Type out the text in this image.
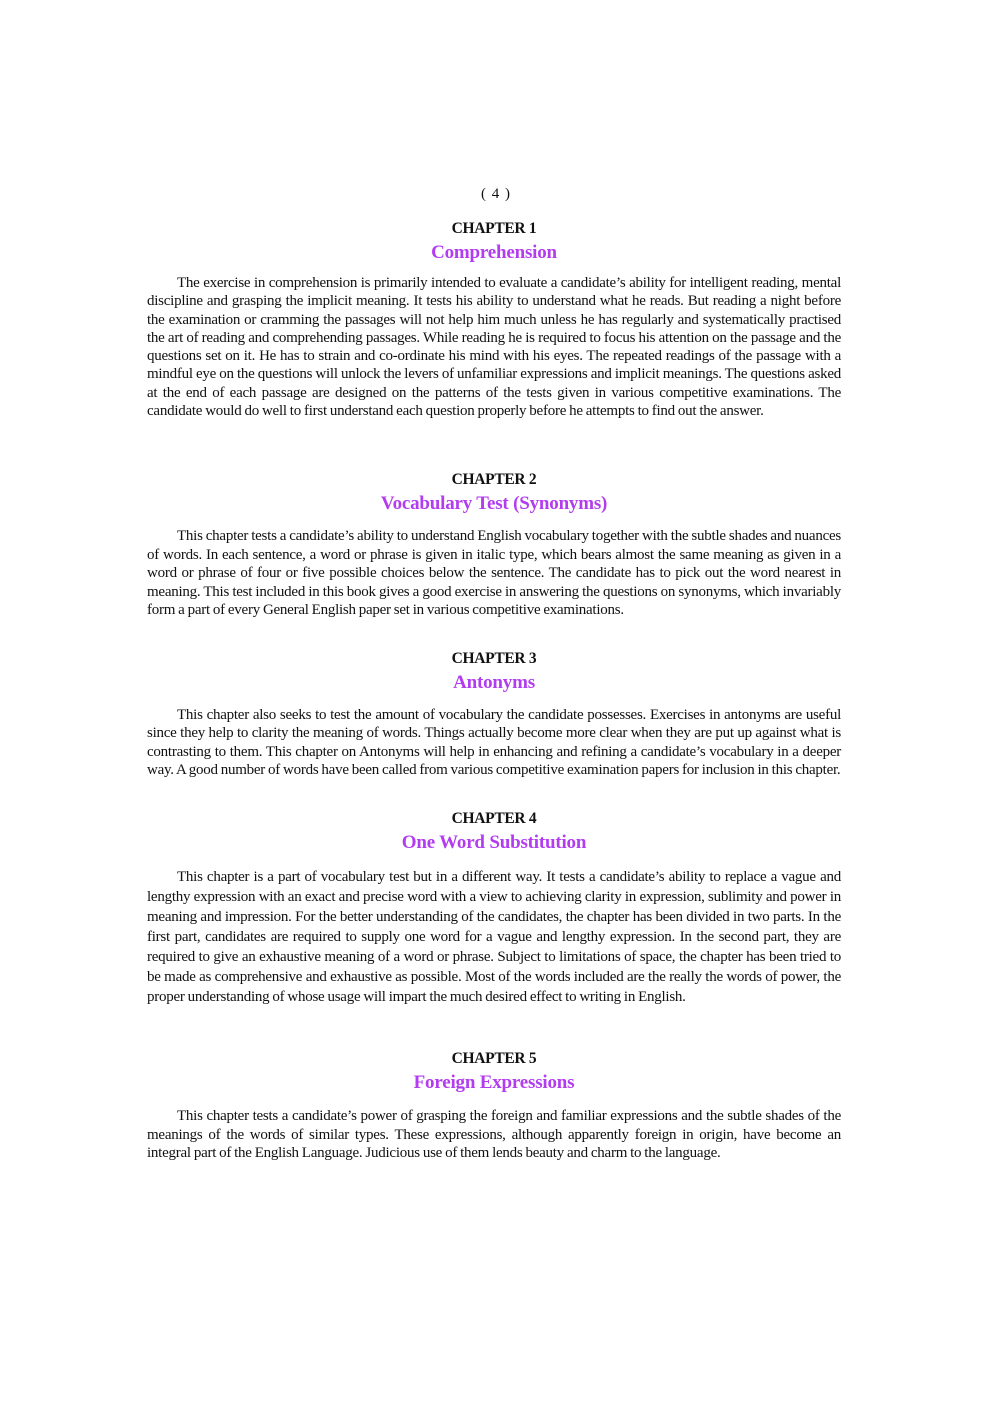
( 4 )
CHAPTER 1
Comprehension

The exercise in comprehension is primarily intended to evaluate a candidate’s ability for intelligent reading, mental discipline and grasping the implicit meaning. It tests his ability to understand what he reads. But reading a night before the examination or cramming the passages will not help him much unless he has regularly and systematically practised the art of reading and comprehending passages. While reading he is required to focus his attention on the passage and the questions set on it. He has to strain and co-ordinate his mind with his eyes. The repeated readings of the passage with a mindful eye on the questions will unlock the levers of unfamiliar expressions and implicit meanings. The questions asked at the end of each passage are designed on the patterns of the tests given in various competitive examinations. The candidate would do well to first understand each question properly before he attempts to find out the answer.

CHAPTER 2
Vocabulary Test (Synonyms)

This chapter tests a candidate’s ability to understand English vocabulary together with the subtle shades and nuances of words. In each sentence, a word or phrase is given in italic type, which bears almost the same meaning as given in a word or phrase of four or five possible choices below the sentence. The candidate has to pick out the word nearest in meaning. This test included in this book gives a good exercise in answering the questions on synonyms, which invariably form a part of every General English paper set in various competitive examinations.

CHAPTER 3
Antonyms

This chapter also seeks to test the amount of vocabulary the candidate possesses. Exercises in antonyms are useful since they help to clarity the meaning of words. Things actually become more clear when they are put up against what is contrasting to them. This chapter on Antonyms will help in enhancing and refining a candidate’s vocabulary in a deeper way. A good number of words have been called from various competitive examination papers for inclusion in this chapter.

CHAPTER 4
One Word Substitution

This chapter is a part of vocabulary test but in a different way. It tests a candidate’s ability to replace a vague and lengthy expression with an exact and precise word with a view to achieving clarity in expression, sublimity and power in meaning and impression. For the better understanding of the candidates, the chapter has been divided in two parts. In the first part, candidates are required to supply one word for a vague and lengthy expression. In the second part, they are required to give an exhaustive meaning of a word or phrase. Subject to limitations of space, the chapter has been tried to be made as comprehensive and exhaustive as possible. Most of the words included are the really the words of power, the proper understanding of whose usage will impart the much desired effect to writing in English.

CHAPTER 5
Foreign Expressions

This chapter tests a candidate’s power of grasping the foreign and familiar expressions and the subtle shades of the meanings of the words of similar types. These expressions, although apparently foreign in origin, have become an integral part of the English Language. Judicious use of them lends beauty and charm to the language.
